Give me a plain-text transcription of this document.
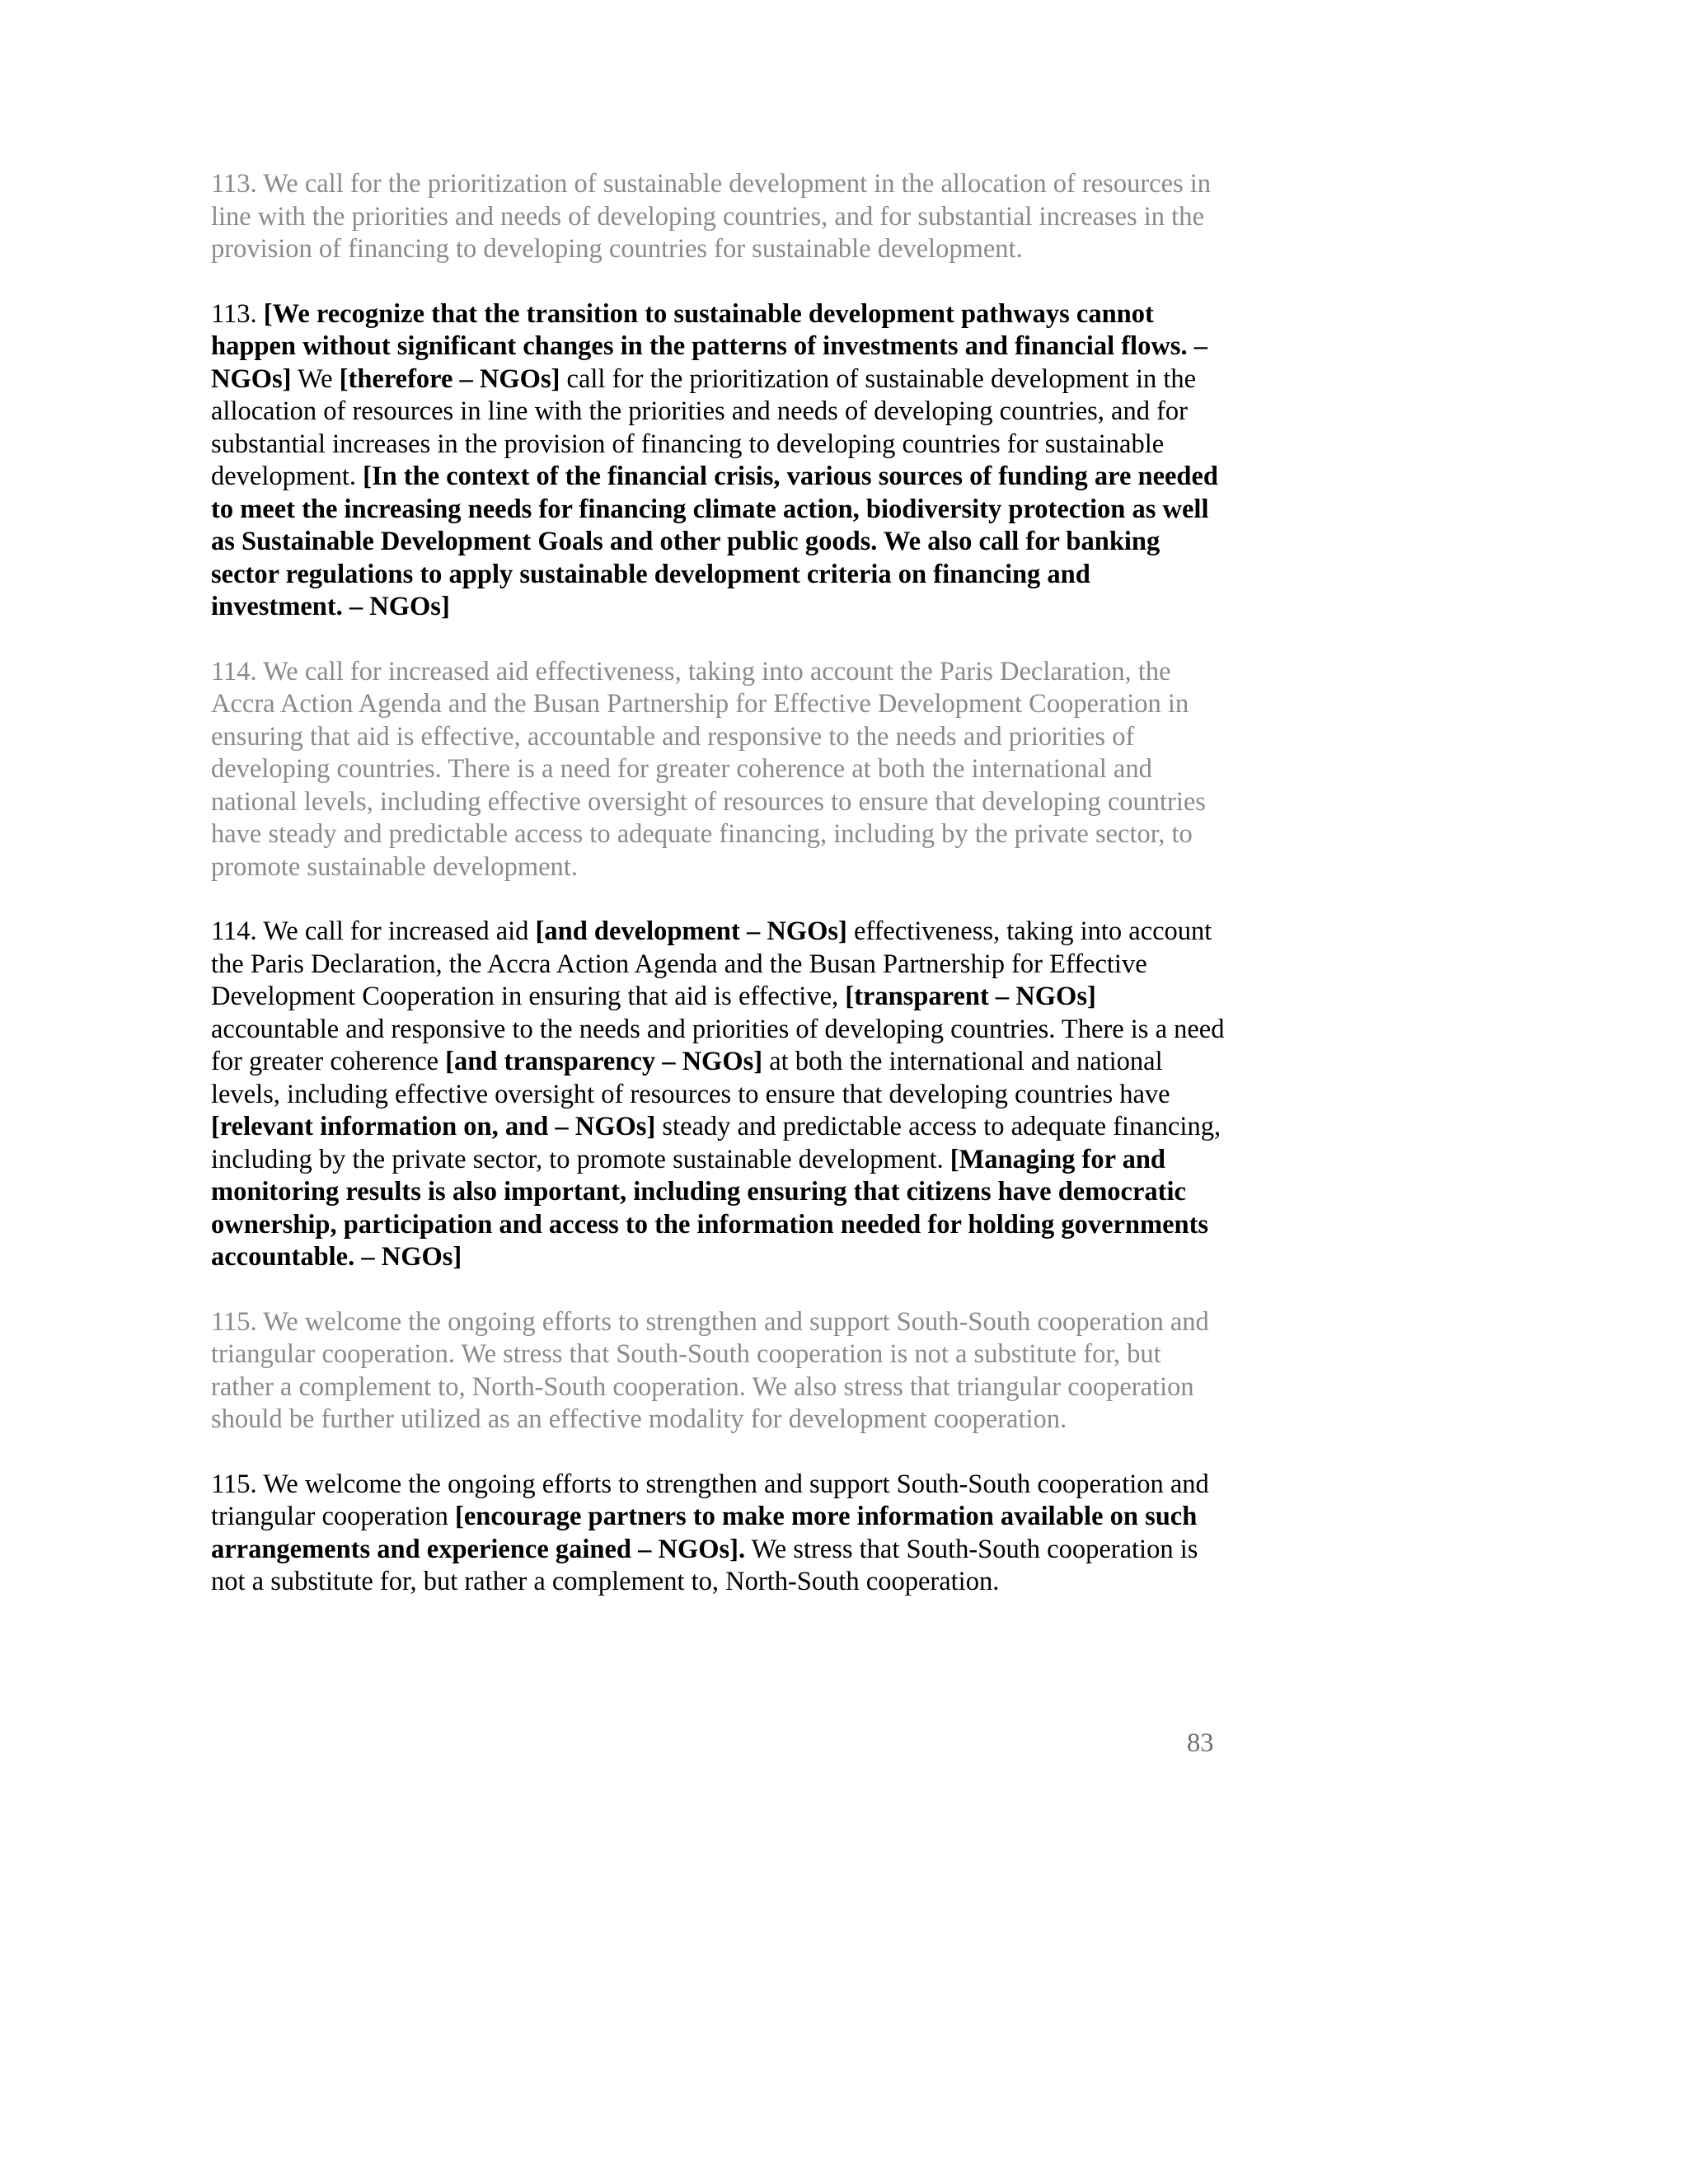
113. We call for the prioritization of sustainable development in the allocation of resources in line with the priorities and needs of developing countries, and for substantial increases in the provision of financing to developing countries for sustainable development.

113. [We recognize that the transition to sustainable development pathways cannot happen without significant changes in the patterns of investments and financial flows. – NGOs] We [therefore – NGOs] call for the prioritization of sustainable development in the allocation of resources in line with the priorities and needs of developing countries, and for substantial increases in the provision of financing to developing countries for sustainable development. [In the context of the financial crisis, various sources of funding are needed to meet the increasing needs for financing climate action, biodiversity protection as well as Sustainable Development Goals and other public goods. We also call for banking sector regulations to apply sustainable development criteria on financing and investment. – NGOs]

114. We call for increased aid effectiveness, taking into account the Paris Declaration, the Accra Action Agenda and the Busan Partnership for Effective Development Cooperation in ensuring that aid is effective, accountable and responsive to the needs and priorities of developing countries. There is a need for greater coherence at both the international and national levels, including effective oversight of resources to ensure that developing countries have steady and predictable access to adequate financing, including by the private sector, to promote sustainable development.

114. We call for increased aid [and development – NGOs] effectiveness, taking into account the Paris Declaration, the Accra Action Agenda and the Busan Partnership for Effective Development Cooperation in ensuring that aid is effective, [transparent – NGOs] accountable and responsive to the needs and priorities of developing countries. There is a need for greater coherence [and transparency – NGOs] at both the international and national levels, including effective oversight of resources to ensure that developing countries have [relevant information on, and – NGOs] steady and predictable access to adequate financing, including by the private sector, to promote sustainable development. [Managing for and monitoring results is also important, including ensuring that citizens have democratic ownership, participation and access to the information needed for holding governments accountable. – NGOs]

115. We welcome the ongoing efforts to strengthen and support South-South cooperation and triangular cooperation. We stress that South-South cooperation is not a substitute for, but rather a complement to, North-South cooperation. We also stress that triangular cooperation should be further utilized as an effective modality for development cooperation.

115. We welcome the ongoing efforts to strengthen and support South-South cooperation and triangular cooperation [encourage partners to make more information available on such arrangements and experience gained – NGOs]. We stress that South-South cooperation is not a substitute for, but rather a complement to, North-South cooperation.

83
